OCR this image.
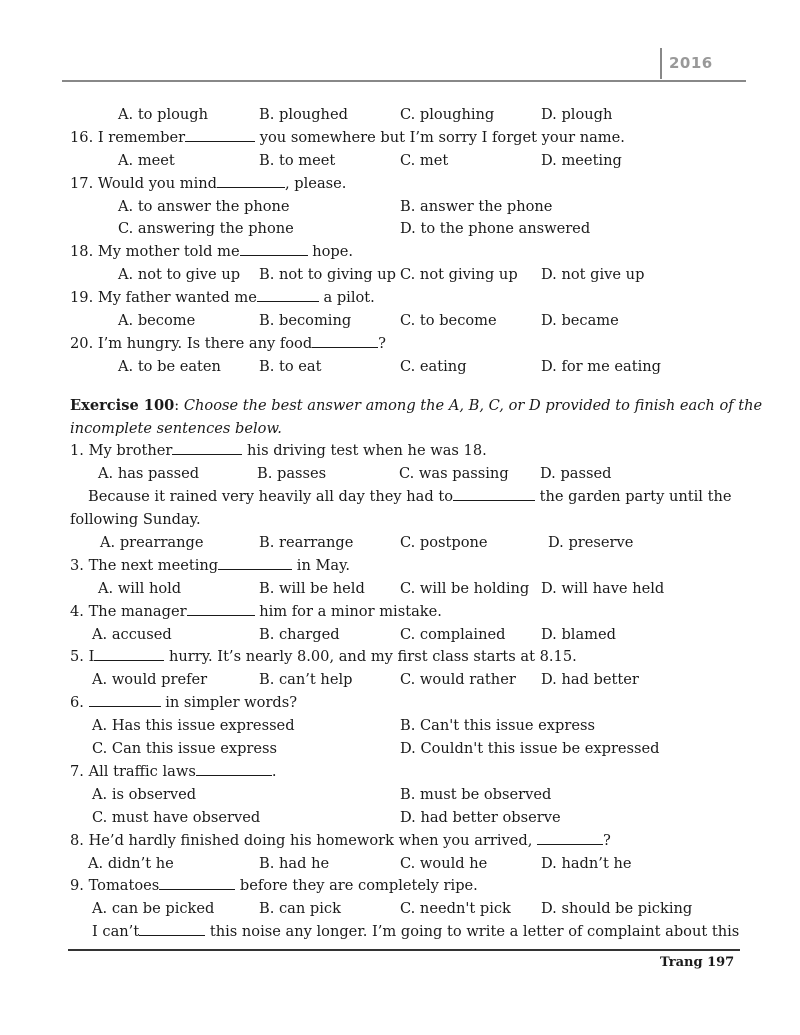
2016
A. to plough	B. ploughed	C. ploughing	D. plough
16. I remember	you somewhere but I’m sorry I forget your name.
A. meet	B. to meet	C. met	D. meeting
17. Would you mind	, please.
A. to answer the phone	B. answer the phone
C. answering the phone	D. to the phone answered
18. My mother told me	hope.
A. not to give up B. not to giving up C. not giving up D. not give up
19. My father wanted me	a pilot.
A. become	B. becoming	C. to become	D. became
20. I’m hungry. Is there any food	?
A. to be eaten	B. to eat	C. eating	D. for me eating
Exercise 100: Choose the best answer among the A, B, C, or D provided to finish each of the
incomplete sentences below.
1. My brother	his driving test when he was 18.
A. has passed	B. passes	C. was passing D. passed
Because it rained very heavily all day they had to	the garden party until the
following Sunday.
A. prearrange	B. rearrange	C. postpone	D. preserve
3. The next meeting	in May.
A. will hold	B. will be held C. will be holding D. will have held
4. The manager	him for a minor mistake.
A. accused	B. charged	C. complained D. blamed
5. I	hurry. It’s nearly 8.00, and my first class starts at 8.15.
A. would prefer	B. can’t help	C. would rather D. had better
6.	in simpler words?
A. Has this issue expressed	B. Can't this issue express
C. Can this issue express	D. Couldn't this issue be expressed
7. All traffic laws	.
A. is observed	B. must be observed
C. must have observed	D. had better observe
8. He’d hardly finished doing his homework when you arrived,	?
A. didn’t he	B. had he	C. would he	D. hadn’t he
9. Tomatoes	before they are completely ripe.
A. can be picked	B. can pick	C. needn't pick D. should be picking
I can’t	this noise any longer. I’m going to write a letter of complaint about this
Trang 197
